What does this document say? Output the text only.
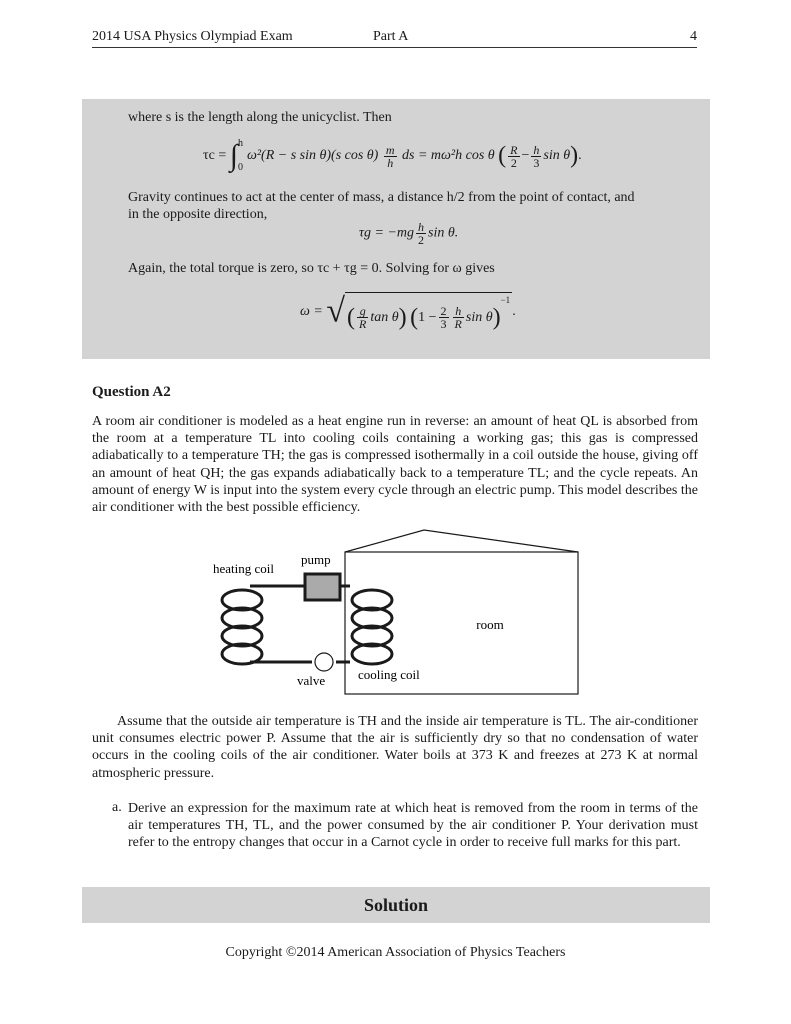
2014 USA Physics Olympiad Exam	Part A	4
where s is the length along the unicyclist. Then
τc = ∫ h
0
ω²(R − s sin θ)(s $\cos \theta) \frac{m}{h}$ ds = mω²h cos θ ( $\frac{R}{2} - \frac{h}{3}$ sin θ).
Gravity continues to act at the center of mass, a distance h/2 from the point of contact, and
in the opposite direction,
$\tau g = -mg \frac{h}{2}$ sin θ.
Again, the total torque is zero, so τc + τg = 0. Solving for ω gives
ω = √( $\frac{g}{R}$ tan θ) ($1 - \frac{2}{3} \frac{h}{R}$ $\sin \theta)^{-1}$.
Question A2
A room air conditioner is modeled as a heat engine run in reverse: an amount of heat QL is absorbed from the room at a temperature TL into cooling coils containing a working gas; this gas is compressed adiabatically to a temperature TH; the gas is compressed isothermally in a coil outside the house, giving off an amount of heat QH; the gas expands adiabatically back to a temperature TL; and the cycle repeats. An amount of energy W is input into the system every cycle through an electric pump. This model describes the air conditioner with the best possible efficiency.
room
heating coil
pump
valve	cooling coil
Assume that the outside air temperature is TH and the inside air temperature is TL. The air-conditioner unit consumes electric power P. Assume that the air is sufficiently dry so that no condensation of water occurs in the cooling coils of the air conditioner. Water boils at 373 K and freezes at 273 K at normal atmospheric pressure.
a. Derive an expression for the maximum rate at which heat is removed from the room in terms of the air temperatures TH, TL, and the power consumed by the air conditioner P. Your derivation must refer to the entropy changes that occur in a Carnot cycle in order to receive full marks for this part.
Solution
Copyright ©2014 American Association of Physics Teachers
